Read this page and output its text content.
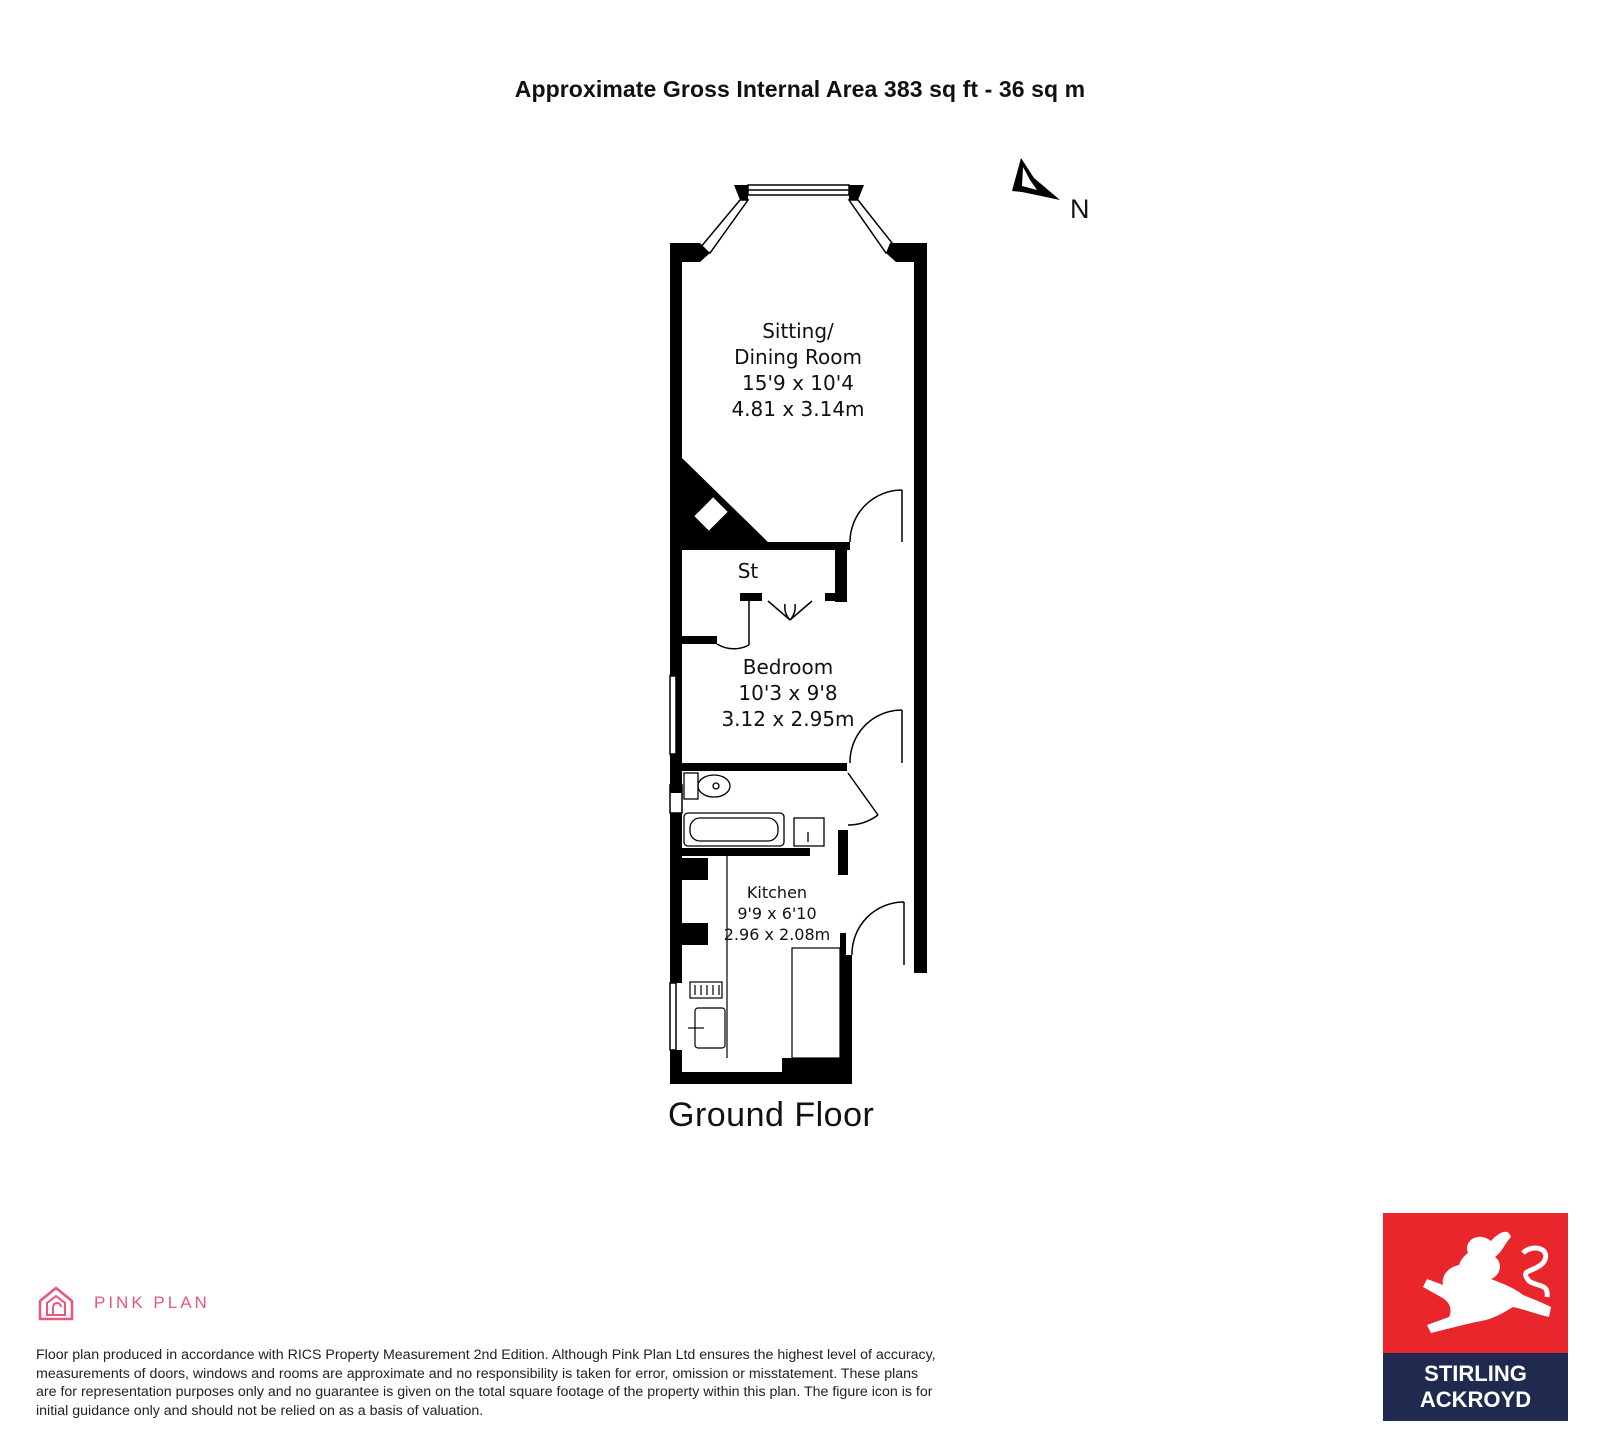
Approximate Gross Internal Area 383 sq ft - 36 sq m
N
Sitting/
Dining Room
15'9 x 10'4
4.81 x 3.14m
St
Bedroom
10'3 x 9'8
3.12 x 2.95m
Kitchen
9'9 x 6'10
2.96 x 2.08m
Ground Floor
PINK PLAN
Floor plan produced in accordance with RICS Property Measurement 2nd Edition. Although Pink Plan Ltd ensures the highest level of accuracy, measurements of doors, windows and rooms are approximate and no responsibility is taken for error, omission or misstatement. These plans are for representation purposes only and no guarantee is given on the total square footage of the property within this plan. The figure icon is for initial guidance only and should not be relied on as a basis of valuation.
STIRLING
ACKROYD
